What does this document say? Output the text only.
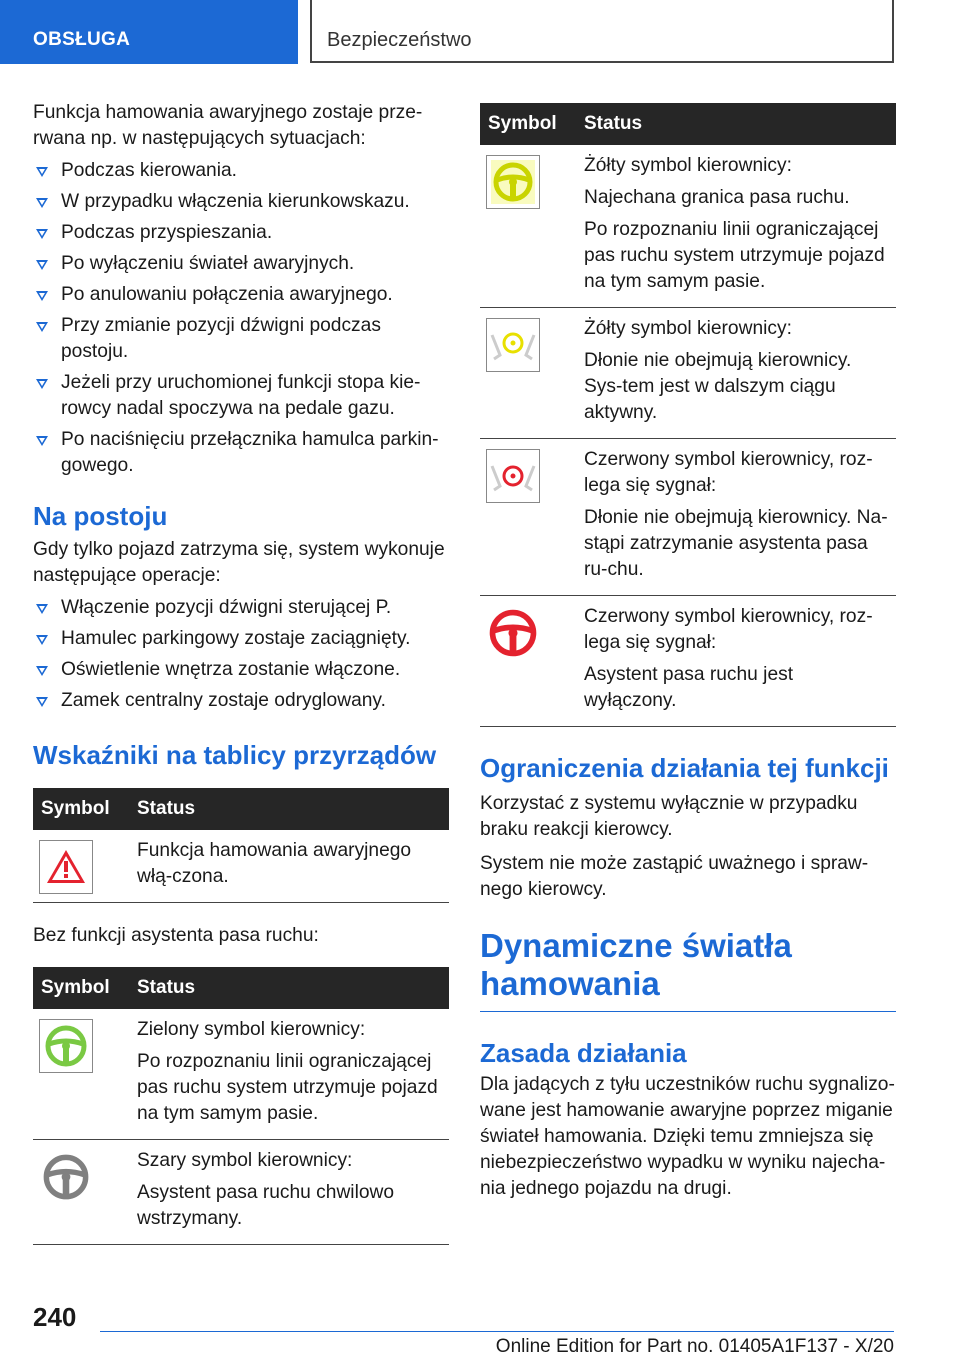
OBSŁUGA	Bezpieczeństwo

Funkcja hamowania awaryjnego zostaje prze-rwana np. w następujących sytuacjach:

Podczas kierowania.
W przypadku włączenia kierunkowskazu.
Podczas przyspieszania.
Po wyłączeniu świateł awaryjnych.
Po anulowaniu połączenia awaryjnego.
Przy zmianie pozycji dźwigni podczas postoju.
Jeżeli przy uruchomionej funkcji stopa kie-rowcy nadal spoczywa na pedale gazu.
Po naciśnięciu przełącznika hamulca parkin-gowego.
Na postoju

Gdy tylko pojazd zatrzyma się, system wykonuje następujące operacje:

Włączenie pozycji dźwigni sterującej P.
Hamulec parkingowy zostaje zaciągnięty.
Oświetlenie wnętrza zostanie włączone.
Zamek centralny zostaje odryglowany.
Wskaźniki na tablicy przyrządów
Symbol	Status

Funkcja hamowania awaryjnego włą-czona.

Bez funkcji asystenta pasa ruchu:

Symbol	Status

Zielony symbol kierownicy:

Po rozpoznaniu linii ograniczającej pas ruchu system utrzymuje pojazd na tym samym pasie.

Szary symbol kierownicy:

Asystent pasa ruchu chwilowo wstrzymany.

Symbol	Status

Żółty symbol kierownicy:

Najechana granica pasa ruchu.

Po rozpoznaniu linii ograniczającej pas ruchu system utrzymuje pojazd na tym samym pasie.

Żółty symbol kierownicy:

Dłonie nie obejmują kierownicy. Sys-tem jest w dalszym ciągu aktywny.

Czerwony symbol kierownicy, roz-lega się sygnał:

Dłonie nie obejmują kierownicy. Na-stąpi zatrzymanie asystenta pasa ru-chu.

Czerwony symbol kierownicy, roz-lega się sygnał:

Asystent pasa ruchu jest wyłączony.

Ograniczenia działania tej funkcji

Korzystać z systemu wyłącznie w przypadku braku reakcji kierowcy.

System nie może zastąpić uważnego i spraw-nego kierowcy.

Dynamiczne światła hamowania
Zasada działania

Dla jadących z tyłu uczestników ruchu sygnalizo-wane jest hamowanie awaryjne poprzez miganie świateł hamowania. Dzięki temu zmniejsza się niebezpieczeństwo wypadku w wyniku najecha-nia jednego pojazdu na drugi.

240
Online Edition for Part no. 01405A1F137 - X/20
